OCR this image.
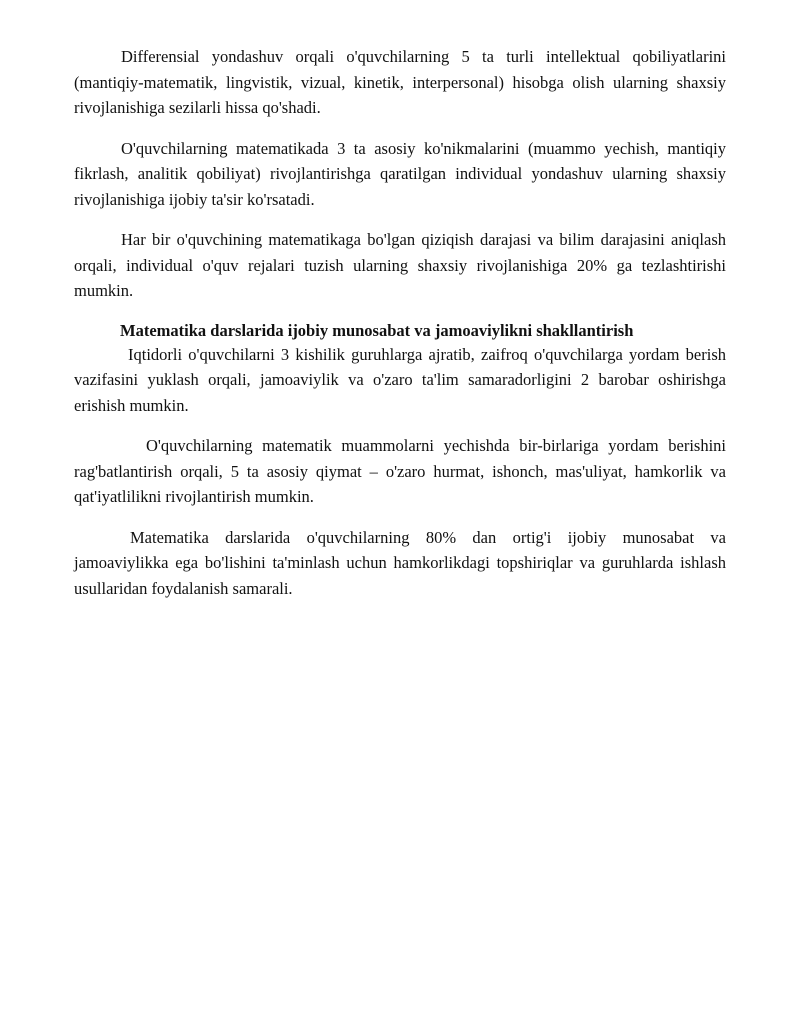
Differensial yondashuv orqali o'quvchilarning 5 ta turli intellektual qobiliyatlarini (mantiqiy-matematik, lingvistik, vizual, kinetik, interpersonal) hisobga olish ularning shaxsiy rivojlanishiga sezilarli hissa qo'shadi.

O'quvchilarning matematikada 3 ta asosiy ko'nikmalarini (muammo yechish, mantiqiy fikrlash, analitik qobiliyat) rivojlantirishga qaratilgan individual yondashuv ularning shaxsiy rivojlanishiga ijobiy ta'sir ko'rsatadi.

Har bir o'quvchining matematikaga bo'lgan qiziqish darajasi va bilim darajasini aniqlash orqali, individual o'quv rejalari tuzish ularning shaxsiy rivojlanishiga 20% ga tezlashtirishi mumkin.

Matematika darslarida ijobiy munosabat va jamoaviylikni shakllantirish

Iqtidorli o'quvchilarni 3 kishilik guruhlarga ajratib, zaifroq o'quvchilarga yordam berish vazifasini yuklash orqali, jamoaviylik va o'zaro ta'lim samaradorligini 2 barobar oshirishga erishish mumkin.

O'quvchilarning matematik muammolarni yechishda bir-birlariga yordam berishini rag'batlantirish orqali, 5 ta asosiy qiymat – o'zaro hurmat, ishonch, mas'uliyat, hamkorlik va qat'iyatlilikni rivojlantirish mumkin.

Matematika darslarida o'quvchilarning 80% dan ortig'i ijobiy munosabat va jamoaviylikka ega bo'lishini ta'minlash uchun hamkorlikdagi topshiriqlar va guruhlarda ishlash usullaridan foydalanish samarali.
